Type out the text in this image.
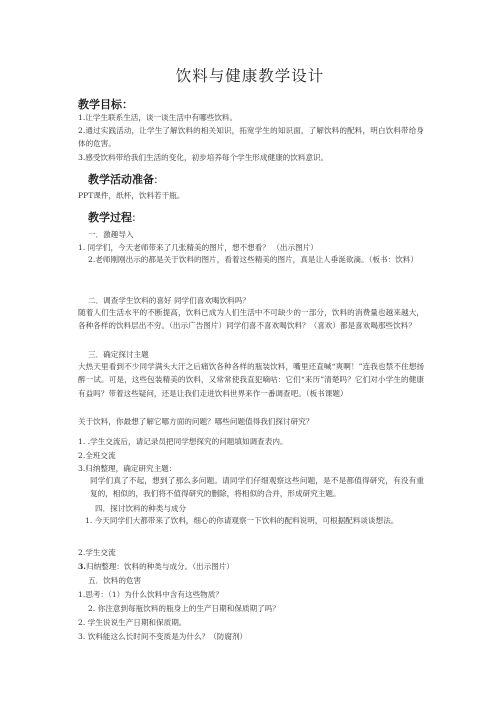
饮料与健康教学设计
教学目标：
1.让学生联系生活，谈一谈生活中有哪些饮料。
2.通过实践活动，让学生了解饮料的相关知识，拓宽学生的知识面，了解饮料的配料，明白饮料带给身体的危害。
3.感受饮料带给我们生活的变化，初步培养每个学生形成健康的饮料意识。
教学活动准备:
PPT课件，纸杯，饮料若干瓶。
教学过程:
一．激趣导入
1. 同学们，今天老师带来了几张精美的图片，想不想看？ （出示图片）
2.老师刚刚出示的都是关于饮料的图片，看着这些精美的图片，真是让人垂涎欲滴。（板书：饮料）
二．调查学生饮料的喜好 同学们喜欢喝饮料吗？
随着人们生活水平的不断提高，饮料已成为人们生活中不可缺少的一部分，饮料的消费量也越来越大，各种各样的饮料层出不穷。（出示广告图片）同学们喜不喜欢喝饮料？（喜欢）都是喜欢喝那些饮料？
三．确定探讨主题
大热天里看到不少同学满头大汗之后痛饮各种各样的瓶装饮料，嘴里还直喊“爽啊！”连我也禁不住想扬醉一试。可是，这些包装精美的饮料，又常常使我直犯嘀咕：它们“来历”清楚吗？它们对小学生的健康有益吗？带着这些疑问，还是让我们走进饮料世界来作一番调查吧。（板书课题）
关于饮料，你最想了解它哪方面的问题？哪些问题值得我们探讨研究？
1. .学生交流后，请记录员把同学想探究的问题填如调查表内。
2.全班交流
3.归纳整理，确定研究主题：
同学们真了不起，想到了那么多问题。请同学们仔细观察这些问题，是不是都值得研究，有没有重复的，相似的，我们将不值得研究的删除，将相似的合并，形成研究主题。
四．探讨饮料的种类与成分
1. 今天同学们大都带来了饮料，细心的你请观察一下饮料的配料说明，可根据配料谈谈想法。
2.学生交流
3.归纳整理：饮料的种类与成分。（出示图片）
五．饮料的危害
1.思考：（1）为什么饮料中含有这些物质？
2. 你注意到每瓶饮料的瓶身上的生产日期和保质期了吗？
2. 学生说说生产日期和保质期。
3. 饮料能这么长时间不变质是为什么？（防腐剂）
